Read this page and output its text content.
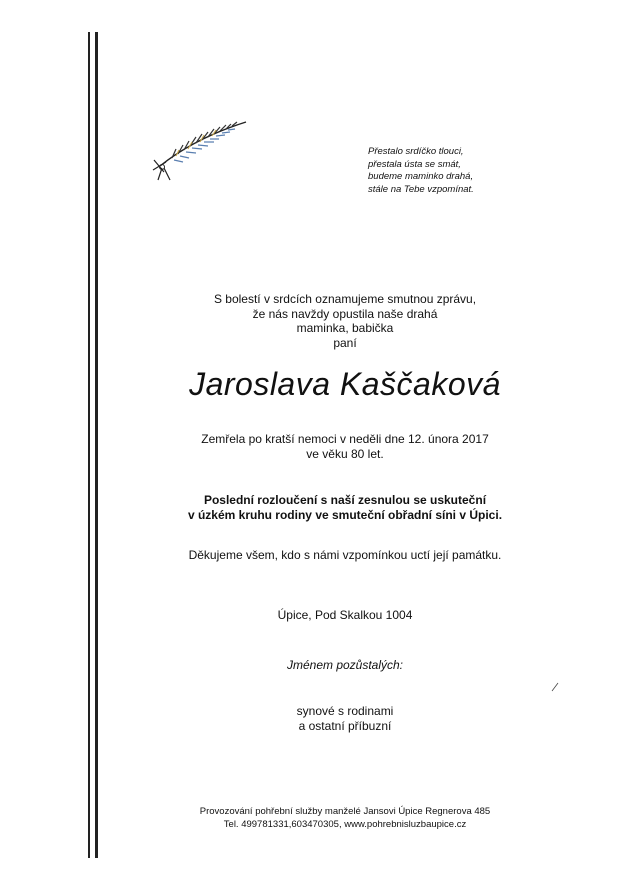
Přestalo srdíčko tlouci,
přestala ústa se smát,
budeme maminko drahá,
stále na Tebe vzpomínat.
S bolestí v srdcích oznamujeme smutnou zprávu,
že nás navždy opustila naše drahá
maminka, babička
paní
Jaroslava Kaščaková
Zemřela po kratší nemoci v neděli dne 12. února 2017
ve věku 80 let.
Poslední rozloučení s naší zesnulou se uskuteční
v úzkém kruhu rodiny ve smuteční obřadní síni v Úpici.
Děkujeme všem, kdo s námi vzpomínkou uctí její památku.
Úpice, Pod Skalkou 1004
Jménem pozůstalých:
synové s rodinami
a ostatní příbuzní
Provozování pohřební služby manželé Jansovi Úpice Regnerova 485
Tel. 499781331,603470305, www.pohrebnisluzbaupice.cz
